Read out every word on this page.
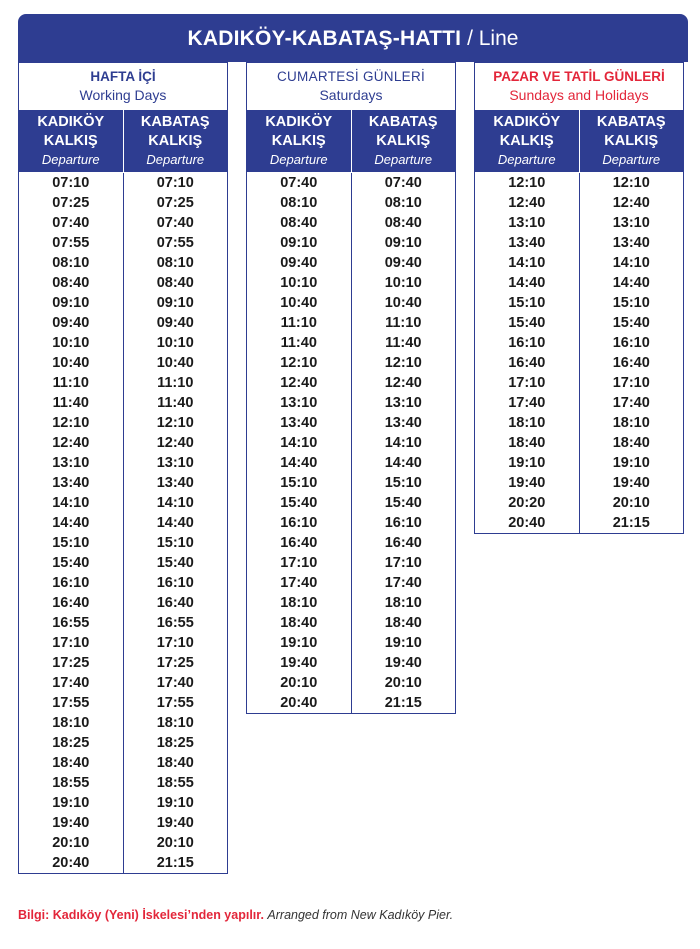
KADIKÖY-KABATAŞ-HATTI / Line
HAFTA İÇİ
Working Days
KADIKÖY
KALKIŞ
Departure
KABATAŞ
KALKIŞ
Departure
07:10	07:10
07:25	07:25
07:40	07:40
07:55	07:55
08:10	08:10
08:40	08:40
09:10	09:10
09:40	09:40
10:10	10:10
10:40	10:40
11:10	11:10
11:40	11:40
12:10	12:10
12:40	12:40
13:10	13:10
13:40	13:40
14:10	14:10
14:40	14:40
15:10	15:10
15:40	15:40
16:10	16:10
16:40	16:40
16:55	16:55
17:10	17:10
17:25	17:25
17:40	17:40
17:55	17:55
18:10	18:10
18:25	18:25
18:40	18:40
18:55	18:55
19:10	19:10
19:40	19:40
20:10	20:10
20:40	21:15
CUMARTESİ GÜNLERİ
Saturdays
KADIKÖY
KALKIŞ
Departure
KABATAŞ
KALKIŞ
Departure
07:40	07:40
08:10	08:10
08:40	08:40
09:10	09:10
09:40	09:40
10:10	10:10
10:40	10:40
11:10	11:10
11:40	11:40
12:10	12:10
12:40	12:40
13:10	13:10
13:40	13:40
14:10	14:10
14:40	14:40
15:10	15:10
15:40	15:40
16:10	16:10
16:40	16:40
17:10	17:10
17:40	17:40
18:10	18:10
18:40	18:40
19:10	19:10
19:40	19:40
20:10	20:10
20:40	21:15
PAZAR VE TATİL GÜNLERİ
Sundays and Holidays
KADIKÖY
KALKIŞ
Departure
KABATAŞ
KALKIŞ
Departure
12:10	12:10
12:40	12:40
13:10	13:10
13:40	13:40
14:10	14:10
14:40	14:40
15:10	15:10
15:40	15:40
16:10	16:10
16:40	16:40
17:10	17:10
17:40	17:40
18:10	18:10
18:40	18:40
19:10	19:10
19:40	19:40
20:20	20:10
20:40	21:15
Bilgi: Kadıköy (Yeni) İskelesi’nden yapılır. Arranged from New Kadıköy Pier.
